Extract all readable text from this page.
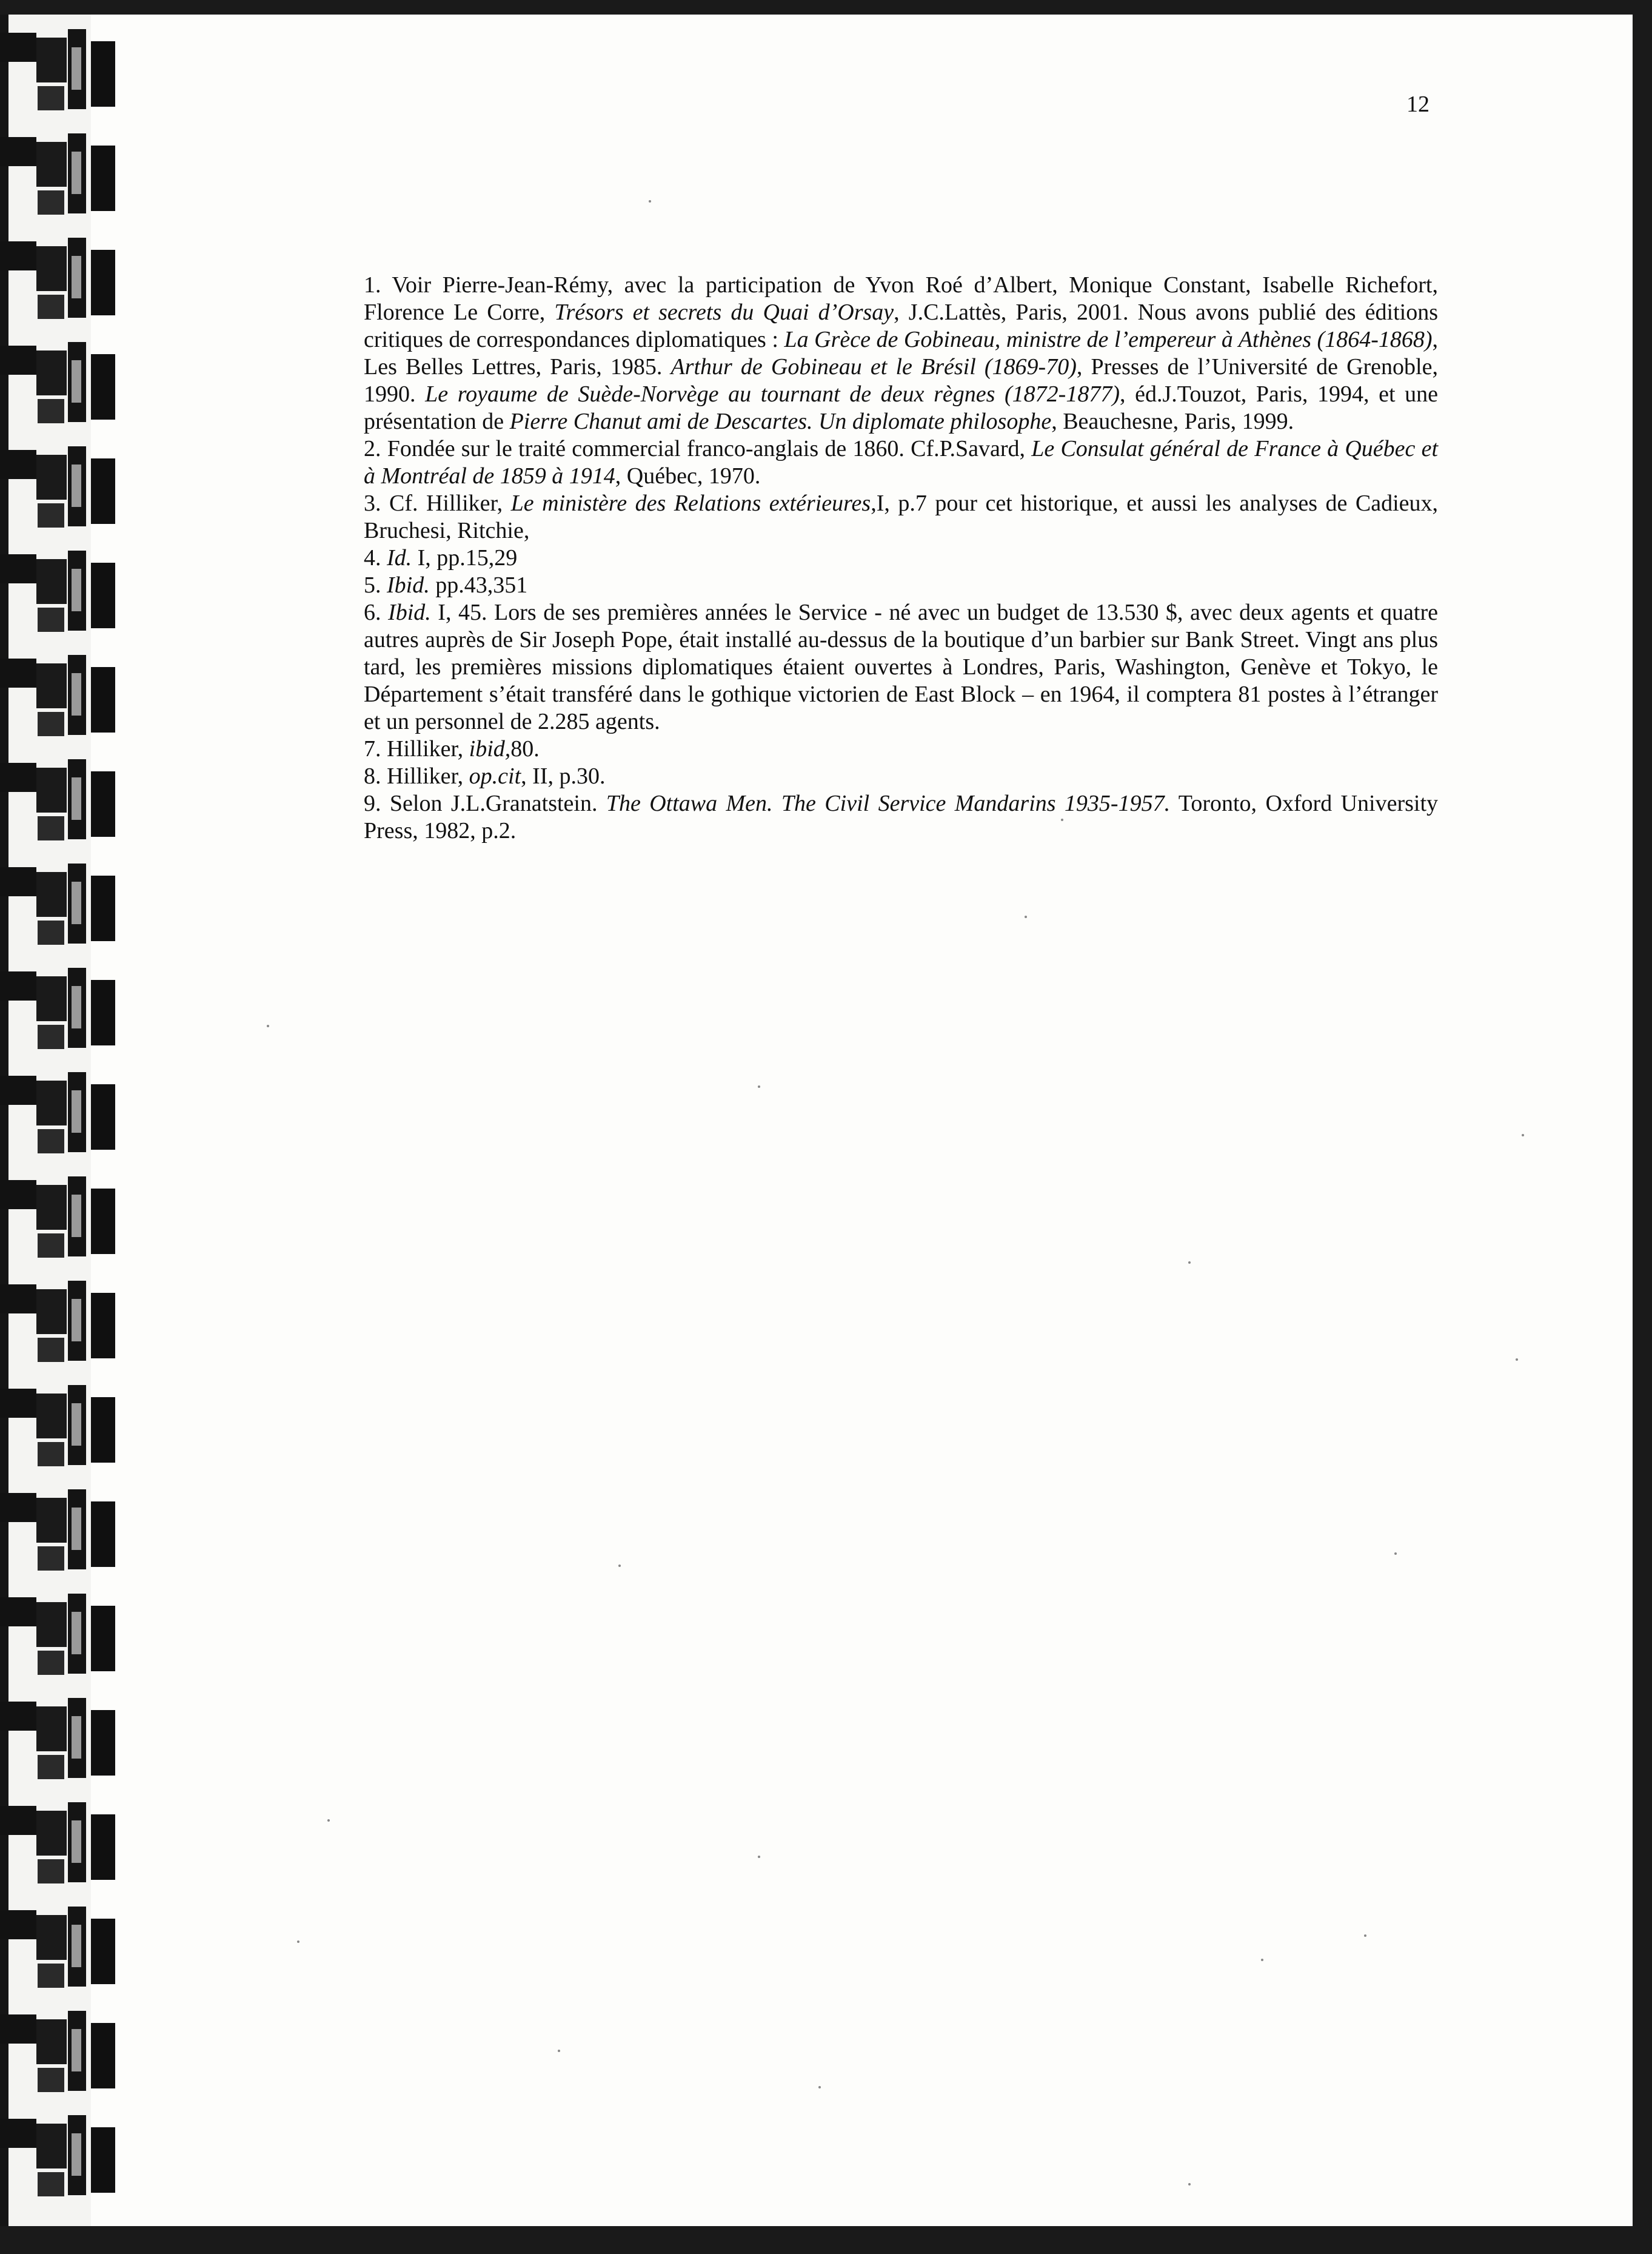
12

1. Voir Pierre-Jean-Rémy, avec la participation de Yvon Roé d’Albert, Monique Constant, Isabelle Richefort, Florence Le Corre, Trésors et secrets du Quai d’Orsay, J.C.Lattès, Paris, 2001. Nous avons publié des éditions critiques de correspondances diplomatiques : La Grèce de Gobineau, ministre de l’empereur à Athènes (1864-1868), Les Belles Lettres, Paris, 1985. Arthur de Gobineau et le Brésil (1869-70), Presses de l’Université de Grenoble, 1990. Le royaume de Suède-Norvège au tournant de deux règnes (1872-1877), éd.J.Touzot, Paris, 1994, et une présentation de Pierre Chanut ami de Descartes. Un diplomate philosophe, Beauchesne, Paris, 1999.

2. Fondée sur le traité commercial franco-anglais de 1860. Cf.P.Savard, Le Consulat général de France à Québec et à Montréal de 1859 à 1914, Québec, 1970.

3. Cf. Hilliker, Le ministère des Relations extérieures,I, p.7 pour cet historique, et aussi les analyses de Cadieux, Bruchesi, Ritchie,

4. Id. I, pp.15,29

5. Ibid. pp.43,351

6. Ibid. I, 45. Lors de ses premières années le Service - né avec un budget de 13.530 $, avec deux agents et quatre autres auprès de Sir Joseph Pope, était installé au-dessus de la boutique d’un barbier sur Bank Street. Vingt ans plus tard, les premières missions diplomatiques étaient ouvertes à Londres, Paris, Washington, Genève et Tokyo, le Département s’était transféré dans le gothique victorien de East Block – en 1964, il comptera 81 postes à l’étranger et un personnel de 2.285 agents.

7. Hilliker, ibid,80.

8. Hilliker, op.cit, II, p.30.

9. Selon J.L.Granatstein. The Ottawa Men. The Civil Service Mandarins 1935-1957. Toronto, Oxford University Press, 1982, p.2.
